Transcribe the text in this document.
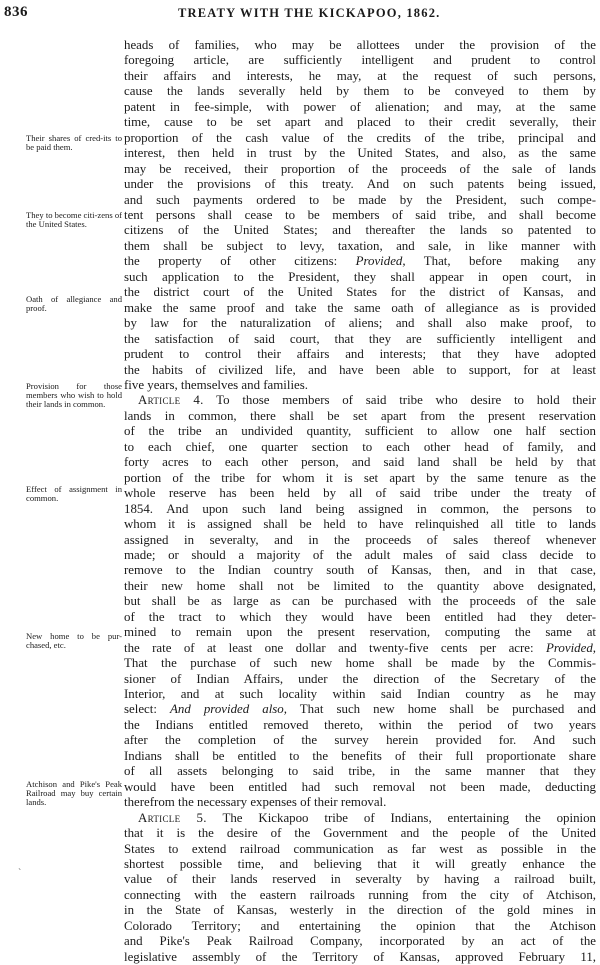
836	TREATY WITH THE KICKAPOO, 1862.
Their shares of cred-its to be paid them.
They to become citi-zens of the United States.
Oath of allegiance and proof.
Provision for those members who wish to hold their lands in common.
Effect of assignment in common.
New home to be pur-chased, etc.
Atchison and Pike's Peak Railroad may buy certain lands.
`
heads of families, who may be allottees under the provision of the
foregoing article, are sufficiently intelligent and prudent to control
their affairs and interests, he may, at the request of such persons,
cause the lands severally held by them to be conveyed to them by
patent in fee-simple, with power of alienation; and may, at the same
time, cause to be set apart and placed to their credit severally, their
proportion of the cash value of the credits of the tribe, principal and
interest, then held in trust by the United States, and also, as the same
may be received, their proportion of the proceeds of the sale of lands
under the provisions of this treaty. And on such patents being issued,
and such payments ordered to be made by the President, such compe-
tent persons shall cease to be members of said tribe, and shall become
citizens of the United States; and thereafter the lands so patented to
them shall be subject to levy, taxation, and sale, in like manner with
the property of other citizens: Provided, That, before making any
such application to the President, they shall appear in open court, in
the district court of the United States for the district of Kansas, and
make the same proof and take the same oath of allegiance as is provided
by law for the naturalization of aliens; and shall also make proof, to
the satisfaction of said court, that they are sufficiently intelligent and
prudent to control their affairs and interests; that they have adopted
the habits of civilized life, and have been able to support, for at least
five years, themselves and families.
Article 4. To those members of said tribe who desire to hold their
lands in common, there shall be set apart from the present reservation
of the tribe an undivided quantity, sufficient to allow one half section
to each chief, one quarter section to each other head of family, and
forty acres to each other person, and said land shall be held by that
portion of the tribe for whom it is set apart by the same tenure as the
whole reserve has been held by all of said tribe under the treaty of
1854. And upon such land being assigned in common, the persons to
whom it is assigned shall be held to have relinquished all title to lands
assigned in severalty, and in the proceeds of sales thereof whenever
made; or should a majority of the adult males of said class decide to
remove to the Indian country south of Kansas, then, and in that case,
their new home shall not be limited to the quantity above designated,
but shall be as large as can be purchased with the proceeds of the sale
of the tract to which they would have been entitled had they deter-
mined to remain upon the present reservation, computing the same at
the rate of at least one dollar and twenty-five cents per acre: Provided,
That the purchase of such new home shall be made by the Commis-
sioner of Indian Affairs, under the direction of the Secretary of the
Interior, and at such locality within said Indian country as he may
select: And provided also, That such new home shall be purchased and
the Indians entitled removed thereto, within the period of two years
after the completion of the survey herein provided for. And such
Indians shall be entitled to the benefits of their full proportionate share
of all assets belonging to said tribe, in the same manner that they
would have been entitled had such removal not been made, deducting
therefrom the necessary expenses of their removal.
Article 5. The Kickapoo tribe of Indians, entertaining the opinion
that it is the desire of the Government and the people of the United
States to extend railroad communication as far west as possible in the
shortest possible time, and believing that it will greatly enhance the
value of their lands reserved in severalty by having a railroad built,
connecting with the eastern railroads running from the city of Atchison,
in the State of Kansas, westerly in the direction of the gold mines in
Colorado Territory; and entertaining the opinion that the Atchison
and Pike's Peak Railroad Company, incorporated by an act of the
legislative assembly of the Territory of Kansas, approved February 11,
